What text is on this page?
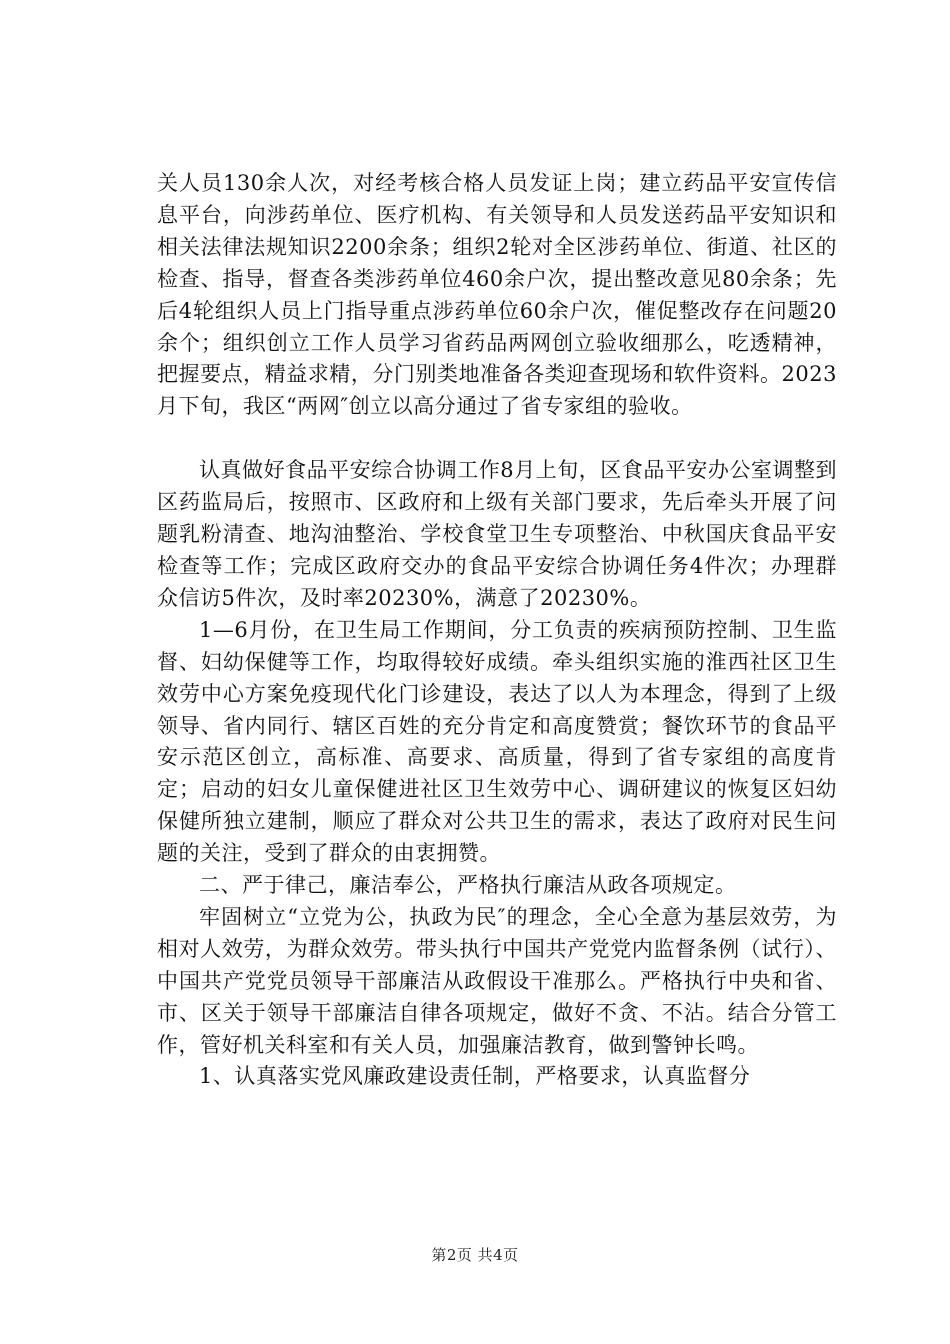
关人员130余人次，对经考核合格人员发证上岗；建立药品平安宣传信息平台，向涉药单位、医疗机构、有关领导和人员发送药品平安知识和相关法律法规知识2200余条；组织2轮对全区涉药单位、街道、社区的检查、指导，督查各类涉药单位460余户次，提出整改意见80余条；先后4轮组织人员上门指导重点涉药单位60余户次，催促整改存在问题20余个；组织创立工作人员学习省药品两网创立验收细那么，吃透精神，把握要点，精益求精，分门别类地准备各类迎查现场和软件资料。2023月下旬，我区“两网″创立以高分通过了省专家组的验收。

认真做好食品平安综合协调工作8月上旬，区食品平安办公室调整到区药监局后，按照市、区政府和上级有关部门要求，先后牵头开展了问题乳粉清查、地沟油整治、学校食堂卫生专项整治、中秋国庆食品平安检查等工作；完成区政府交办的食品平安综合协调任务4件次；办理群众信访5件次，及时率20230%，满意了20230%。

1—6月份，在卫生局工作期间，分工负责的疾病预防控制、卫生监督、妇幼保健等工作，均取得较好成绩。牵头组织实施的淮西社区卫生效劳中心方案免疫现代化门诊建设，表达了以人为本理念，得到了上级领导、省内同行、辖区百姓的充分肯定和高度赞赏；餐饮环节的食品平安示范区创立，高标准、高要求、高质量，得到了省专家组的高度肯定；启动的妇女儿童保健进社区卫生效劳中心、调研建议的恢复区妇幼保健所独立建制，顺应了群众对公共卫生的需求，表达了政府对民生问题的关注，受到了群众的由衷拥赞。

二、严于律己，廉洁奉公，严格执行廉洁从政各项规定。

牢固树立“立党为公，执政为民″的理念，全心全意为基层效劳，为相对人效劳，为群众效劳。带头执行中国共产党党内监督条例（试行）、中国共产党党员领导干部廉洁从政假设干准那么。严格执行中央和省、市、区关于领导干部廉洁自律各项规定，做好不贪、不沾。结合分管工作，管好机关科室和有关人员，加强廉洁教育，做到警钟长鸣。

1、认真落实党风廉政建设责任制，严格要求，认真监督分

第2页 共4页
